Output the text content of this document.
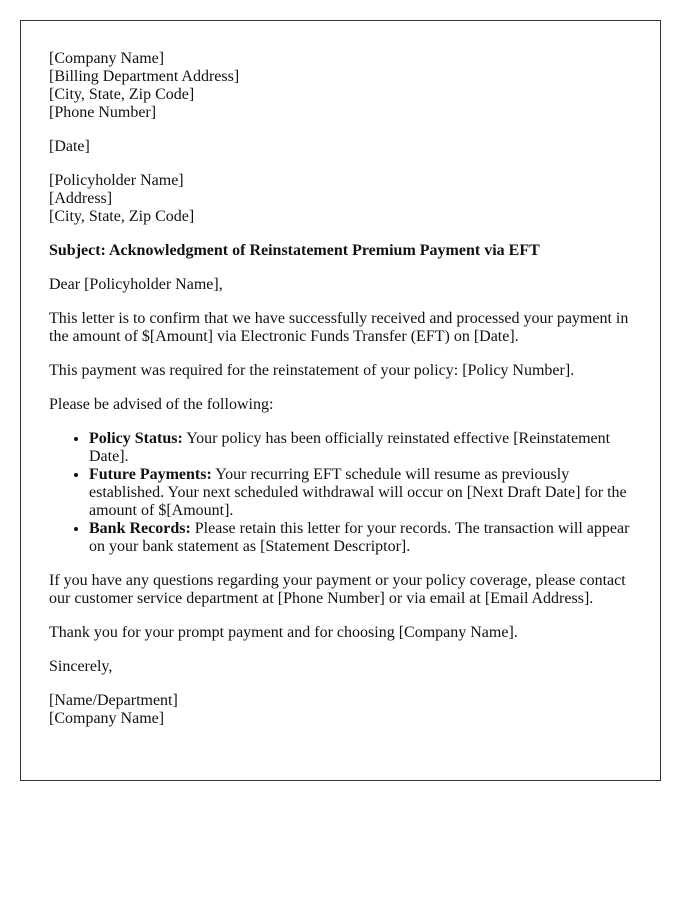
[Company Name]
[Billing Department Address]
[City, State, Zip Code]
[Phone Number]

[Date]

[Policyholder Name]
[Address]
[City, State, Zip Code]

Subject: Acknowledgment of Reinstatement Premium Payment via EFT

Dear [Policyholder Name],

This letter is to confirm that we have successfully received and processed your payment in the amount of $[Amount] via Electronic Funds Transfer (EFT) on [Date].

This payment was required for the reinstatement of your policy: [Policy Number].

Please be advised of the following:

• Policy Status: Your policy has been officially reinstated effective [Reinstatement Date].
• Future Payments: Your recurring EFT schedule will resume as previously established. Your next scheduled withdrawal will occur on [Next Draft Date] for the amount of $[Amount].
• Bank Records: Please retain this letter for your records. The transaction will appear on your bank statement as [Statement Descriptor].

If you have any questions regarding your payment or your policy coverage, please contact our customer service department at [Phone Number] or via email at [Email Address].

Thank you for your prompt payment and for choosing [Company Name].

Sincerely,

[Name/Department]
[Company Name]
